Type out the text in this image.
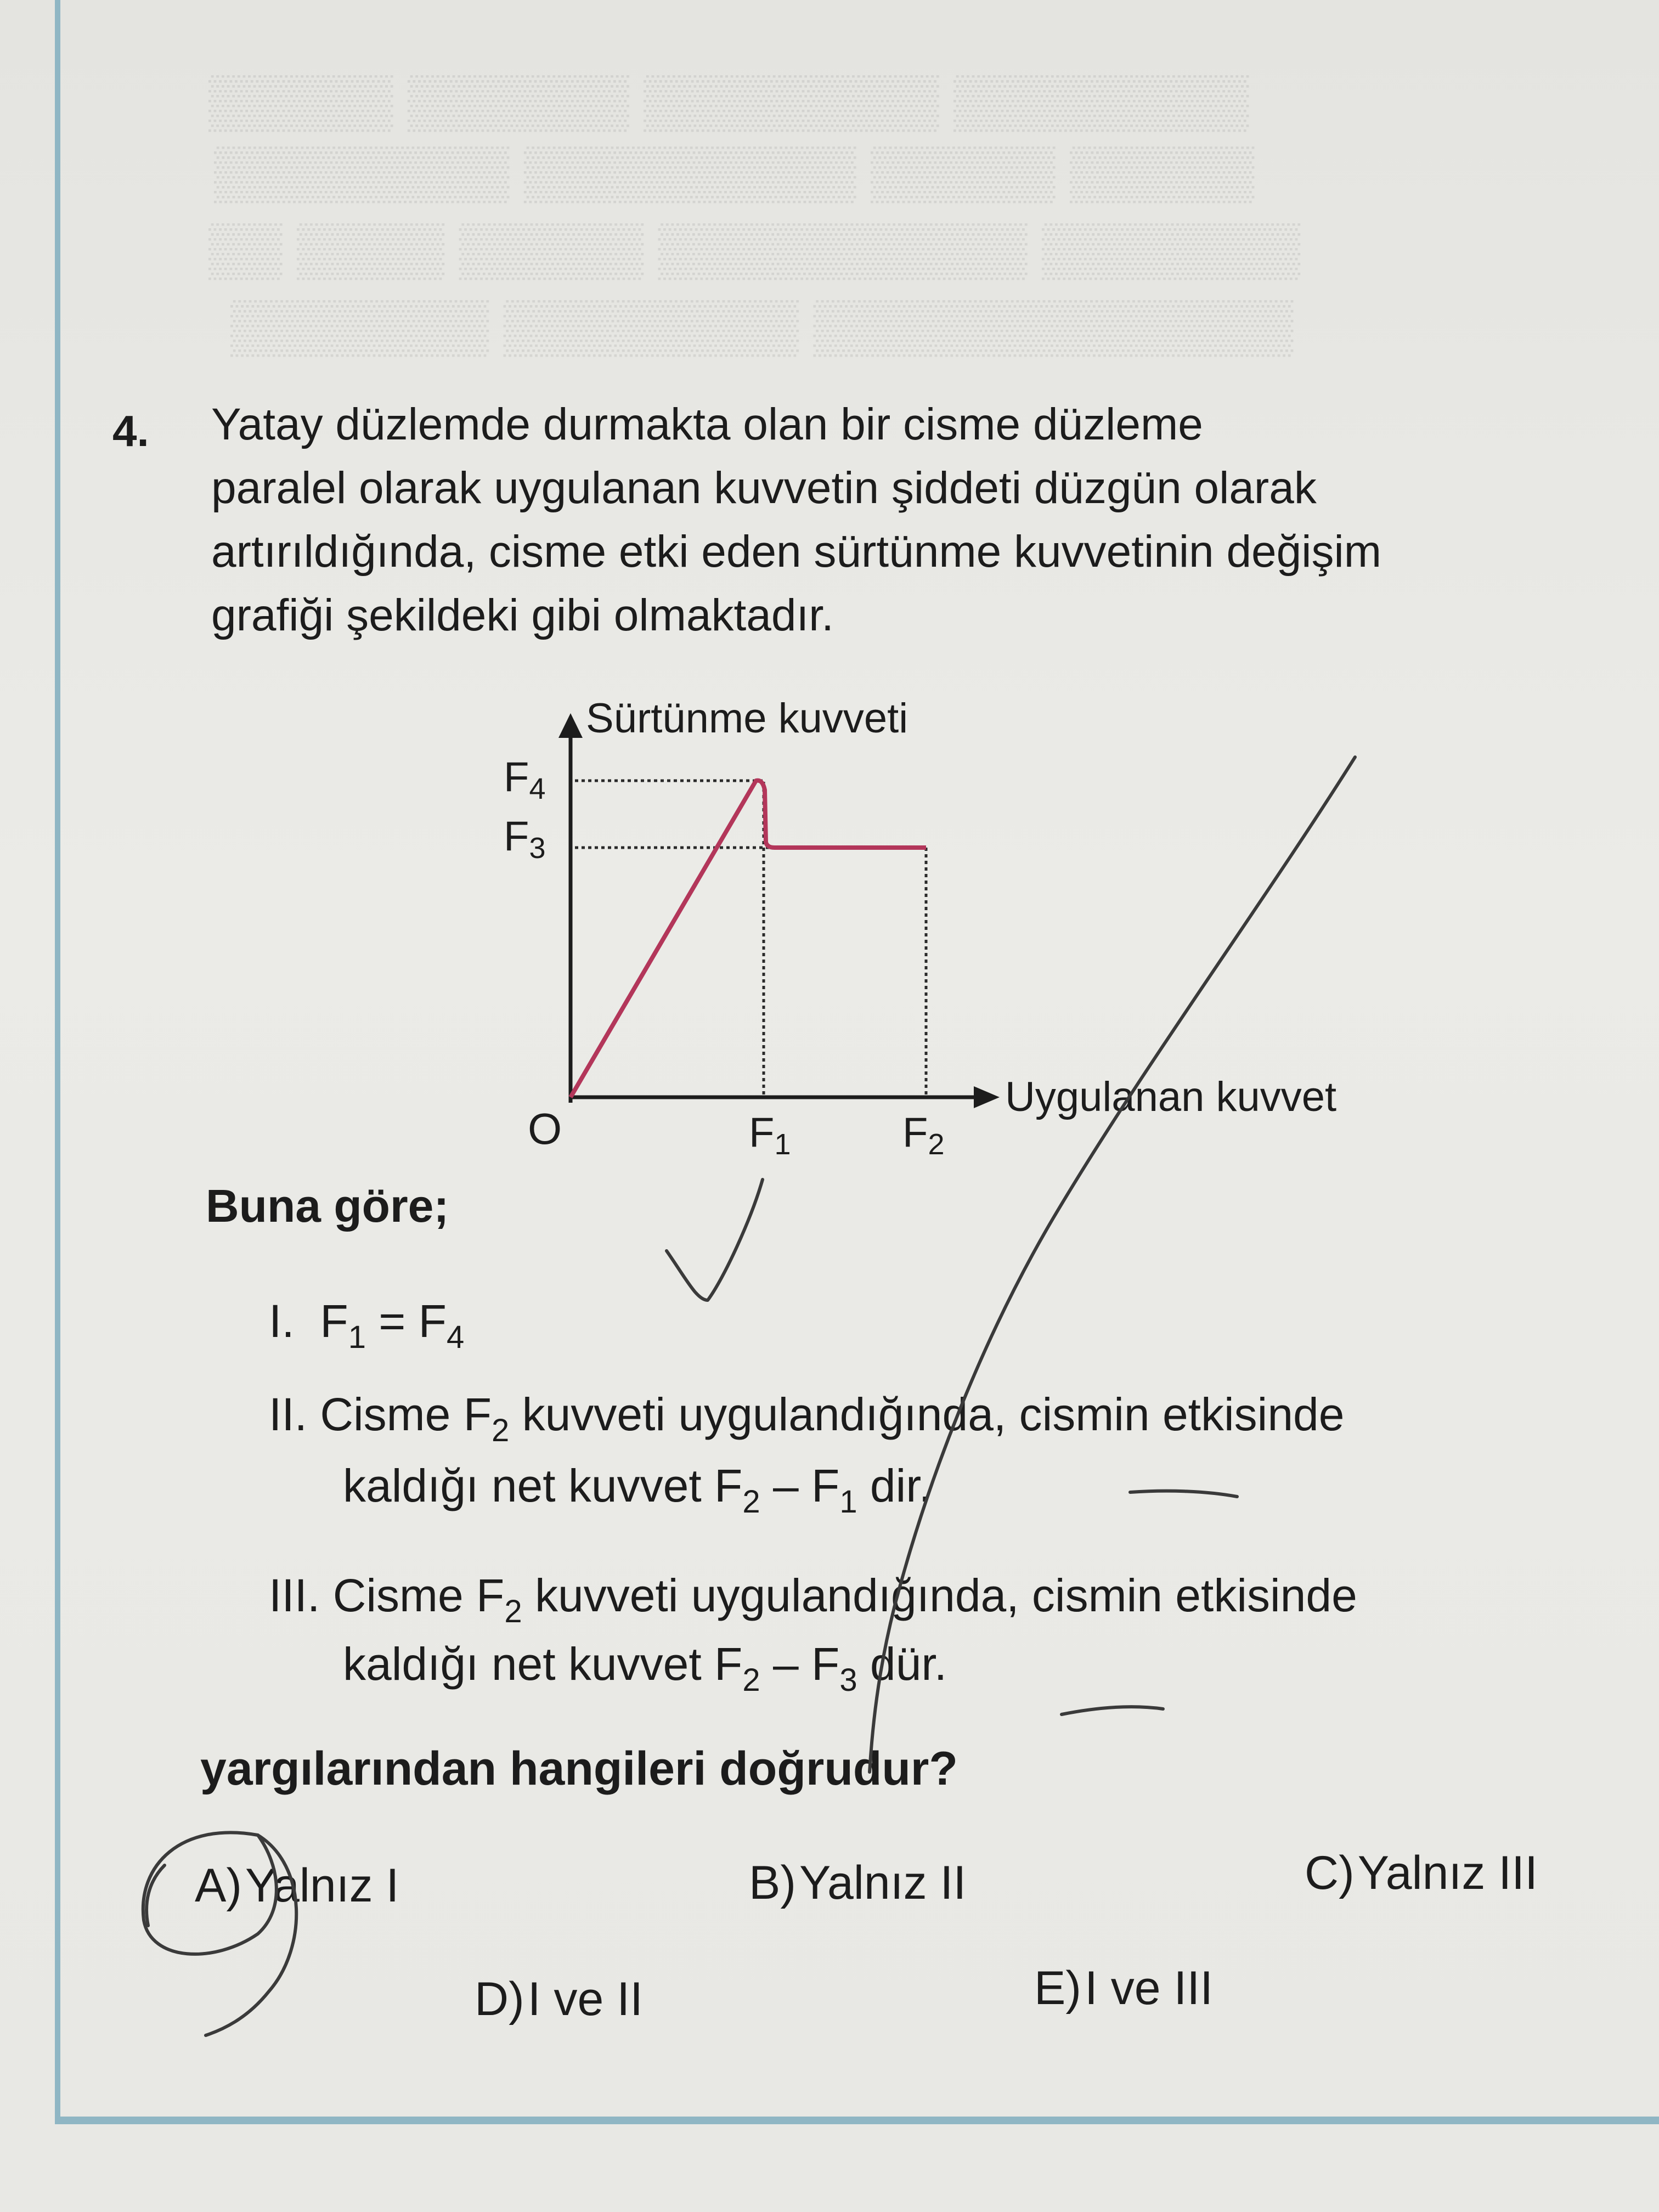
▒▒▒▒▒ ▒▒▒▒▒▒ ▒▒▒▒▒▒▒▒ ▒▒▒▒▒▒▒▒
▒▒▒▒▒▒▒▒ ▒▒▒▒▒▒▒▒▒ ▒▒▒▒▒ ▒▒▒▒▒
▒▒ ▒▒▒▒ ▒▒▒▒▒ ▒▒▒▒▒▒▒▒▒▒ ▒▒▒▒▒▒▒
▒▒▒▒▒▒▒ ▒▒▒▒▒▒▒▒ ▒▒▒▒▒▒▒▒▒▒▒▒▒
4. Yatay düzlemde durmakta olan bir cisme düzleme
paralel olarak uygulanan kuvvetin şiddeti düzgün olarak
artırıldığında, cisme etki eden sürtünme kuvvetinin değişim
grafiği şekildeki gibi olmaktadır.
Sürtünme kuvveti
Uygulanan kuvvet
O
F4
F3
F1	F2
Buna göre;
I. $F_1 = F_4$
II. Cisme $F_2$ kuvveti uygulandığında, cismin etkisinde
kaldığı net kuvvet $F_2 - F_1$ dir.
III. Cisme $F_2$ kuvveti uygulandığında, cismin etkisinde
kaldığı net kuvvet $F_2 - F_3$ dür.
yargılarından hangileri doğrudur?
A)Yalnız I	B)Yalnız II	C)Yalnız III
D)I ve II	E)I ve III
